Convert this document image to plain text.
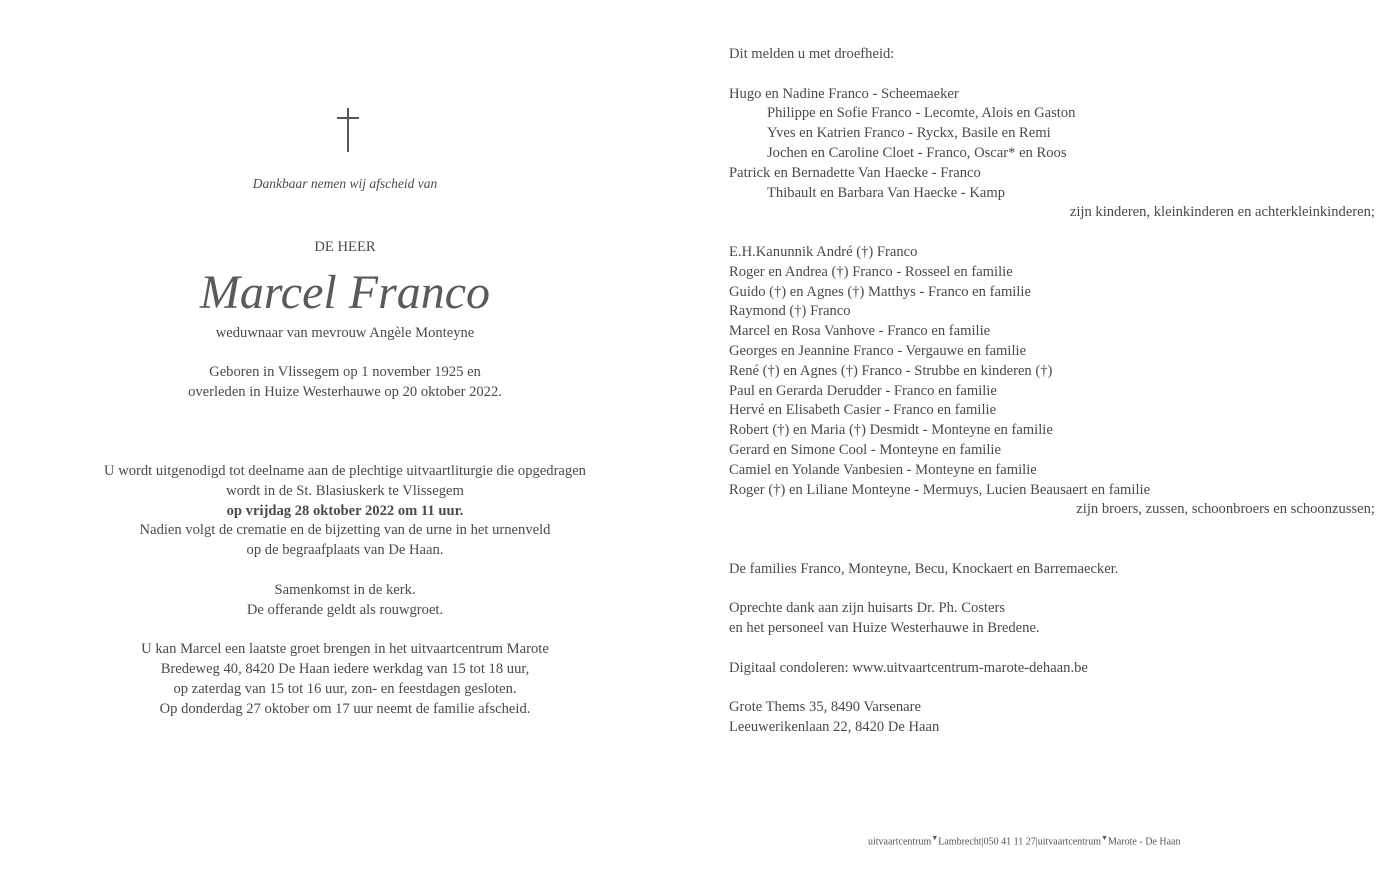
Dankbaar nemen wij afscheid van
DE HEER
Marcel Franco
weduwnaar van mevrouw Angèle Monteyne
Geboren in Vlissegem op 1 november 1925 en
overleden in Huize Westerhauwe op 20 oktober 2022.
U wordt uitgenodigd tot deelname aan de plechtige uitvaartliturgie die opgedragen
wordt in de St. Blasiuskerk te Vlissegem
op vrijdag 28 oktober 2022 om 11 uur.
Nadien volgt de crematie en de bijzetting van de urne in het urnenveld
op de begraafplaats van De Haan.

Samenkomst in de kerk.
De offerande geldt als rouwgroet.

U kan Marcel een laatste groet brengen in het uitvaartcentrum Marote
Bredeweg 40, 8420 De Haan iedere werkdag van 15 tot 18 uur,
op zaterdag van 15 tot 16 uur, zon- en feestdagen gesloten.
Op donderdag 27 oktober om 17 uur neemt de familie afscheid.
Dit melden u met droefheid:

Hugo en Nadine Franco - Scheemaeker
Philippe en Sofie Franco - Lecomte, Alois en Gaston
Yves en Katrien Franco - Ryckx, Basile en Remi
Jochen en Caroline Cloet - Franco, Oscar* en Roos
Patrick en Bernadette Van Haecke - Franco
Thibault en Barbara Van Haecke - Kamp
zijn kinderen, kleinkinderen en achterkleinkinderen;

E.H.Kanunnik André (†) Franco
Roger en Andrea (†) Franco - Rosseel en familie
Guido (†) en Agnes (†) Matthys - Franco en familie
Raymond (†) Franco
Marcel en Rosa Vanhove - Franco en familie
Georges en Jeannine Franco - Vergauwe en familie
René (†) en Agnes (†) Franco - Strubbe en kinderen (†)
Paul en Gerarda Derudder - Franco en familie
Hervé en Elisabeth Casier - Franco en familie
Robert (†) en Maria (†) Desmidt - Monteyne en familie
Gerard en Simone Cool - Monteyne en familie
Camiel en Yolande Vanbesien - Monteyne en familie
Roger (†) en Liliane Monteyne - Mermuys, Lucien Beausaert en familie
zijn broers, zussen, schoonbroers en schoonzussen;

De families Franco, Monteyne, Becu, Knockaert en Barremaecker.

Oprechte dank aan zijn huisarts Dr. Ph. Costers
en het personeel van Huize Westerhauwe in Bredene.

Digitaal condoleren: www.uitvaartcentrum-marote-dehaan.be

Grote Thems 35, 8490 Varsenare
Leeuwerikenlaan 22, 8420 De Haan
uitvaartcentrum▼Lambrecht|050 41 11 27|uitvaartcentrum▼Marote - De Haan
